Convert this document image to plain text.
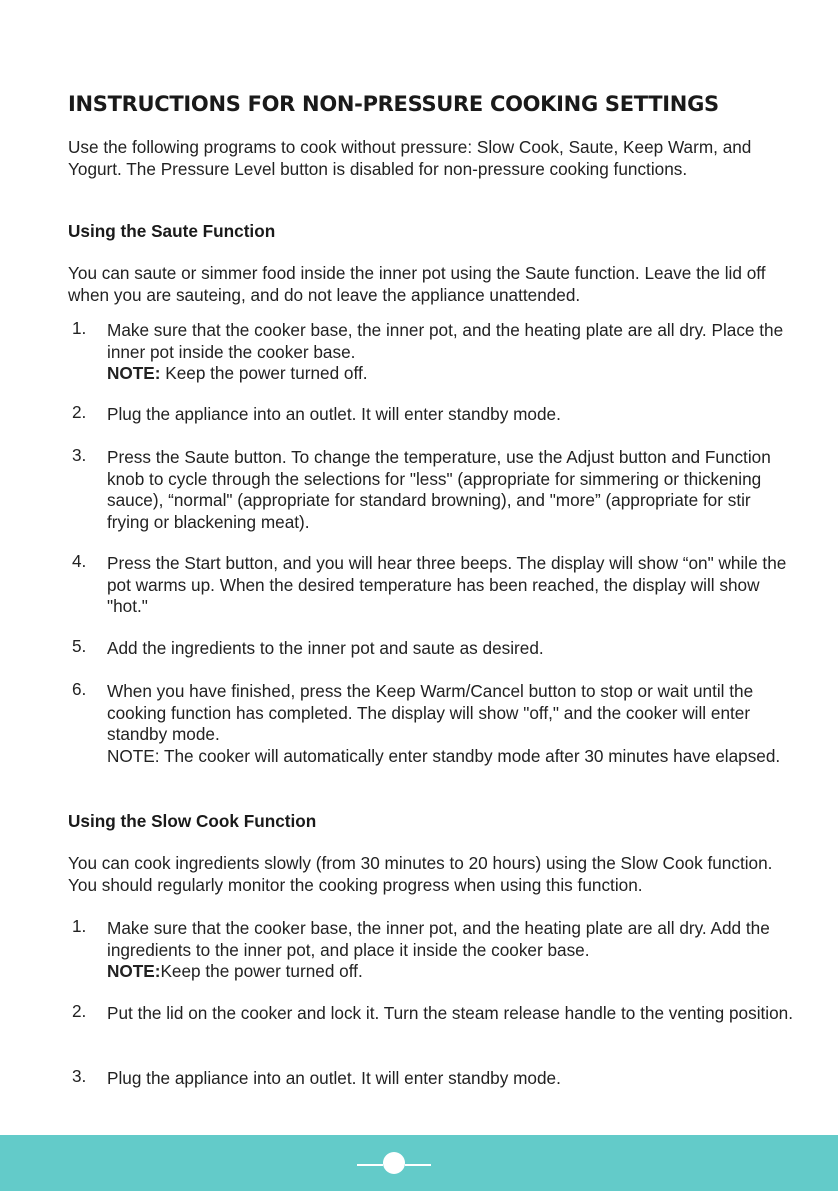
INSTRUCTIONS FOR NON-PRESSURE COOKING SETTINGS
Use the following programs to cook without pressure: Slow Cook, Saute, Keep Warm, and Yogurt. The Pressure Level button is disabled for non-pressure cooking functions.
Using the Saute Function
You can saute or simmer food inside the inner pot using the Saute function. Leave the lid off when you are sauteing, and do not leave the appliance unattended.
1. Make sure that the cooker base, the inner pot, and the heating plate are all dry. Place the inner pot inside the cooker base.
NOTE: Keep the power turned off.
2. Plug the appliance into an outlet. It will enter standby mode.
3. Press the Saute button. To change the temperature, use the Adjust button and Function knob to cycle through the selections for "less" (appropriate for simmering or thickening sauce), “normal" (appropriate for standard browning), and "more” (appropriate for stir frying or blackening meat).
4. Press the Start button, and you will hear three beeps. The display will show “on" while the pot warms up. When the desired temperature has been reached, the display will show "hot."
5. Add the ingredients to the inner pot and saute as desired.
6. When you have finished, press the Keep Warm/Cancel button to stop or wait until the cooking function has completed. The display will show "off," and the cooker will enter standby mode.
NOTE: The cooker will automatically enter standby mode after 30 minutes have elapsed.
Using the Slow Cook Function
You can cook ingredients slowly (from 30 minutes to 20 hours) using the Slow Cook function. You should regularly monitor the cooking progress when using this function.
1. Make sure that the cooker base, the inner pot, and the heating plate are all dry. Add the ingredients to the inner pot, and place it inside the cooker base.
NOTE:Keep the power turned off.
2. Put the lid on the cooker and lock it. Turn the steam release handle to the venting position.
3. Plug the appliance into an outlet. It will enter standby mode.
